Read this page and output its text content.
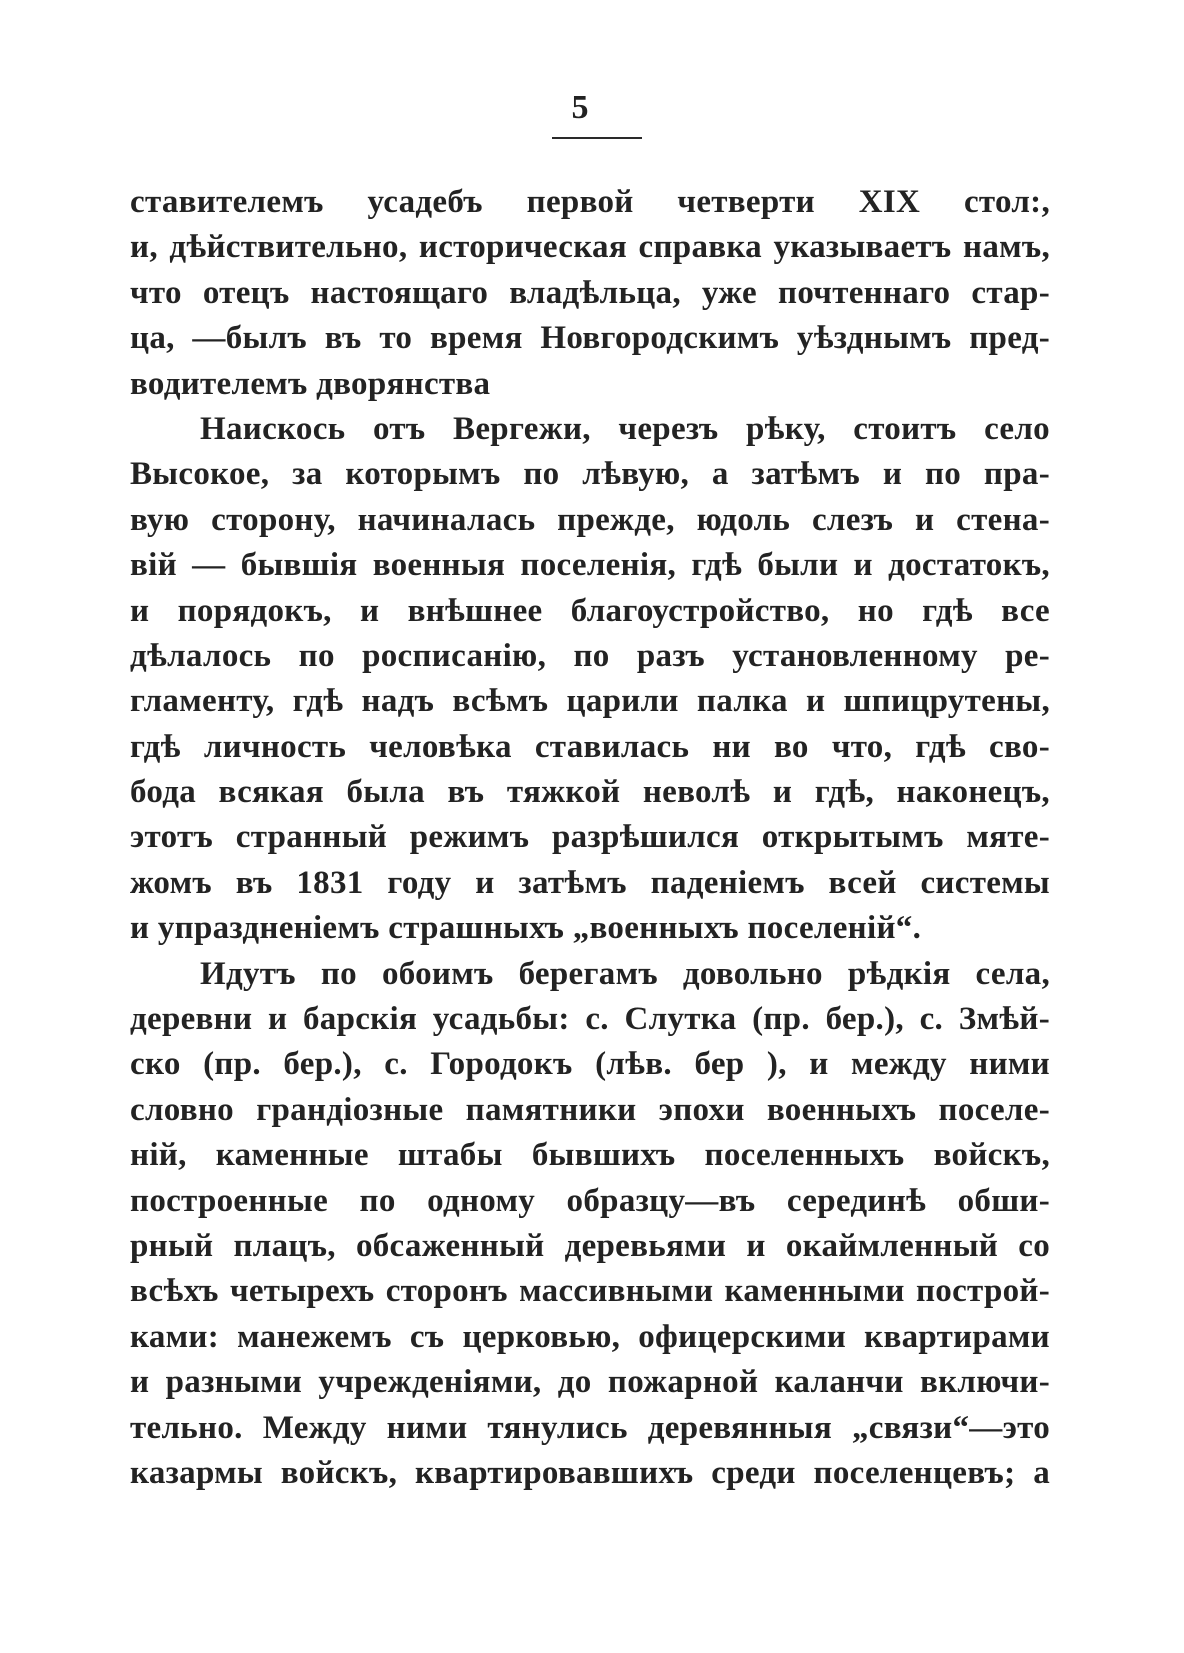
5
ставителемъ усадебъ первой четверти XIX стол:,
и, дѣйствительно, историческая справка указываетъ намъ,
что отецъ настоящаго владѣльца, уже почтеннаго стар-
ца, —былъ въ то время Новгородскимъ уѣзднымъ пред-
водителемъ дворянства
Наискось отъ Вергежи, черезъ рѣку, стоитъ село
Высокое, за которымъ по лѣвую, а затѣмъ и по пра-
вую сторону, начиналась прежде, юдоль слезъ и стена-
вій — бывшія военныя поселенія, гдѣ были и достатокъ,
и порядокъ, и внѣшнее благоустройство, но гдѣ все
дѣлалось по росписанію, по разъ установленному ре-
гламенту, гдѣ надъ всѣмъ царили палка и шпицрутены,
гдѣ личность человѣка ставилась ни во что, гдѣ сво-
бода всякая была въ тяжкой неволѣ и гдѣ, наконецъ,
этотъ странный режимъ разрѣшился открытымъ мяте-
жомъ въ 1831 году и затѣмъ паденіемъ всей системы
и упраздненіемъ страшныхъ „военныхъ поселеній“.
Идутъ по обоимъ берегамъ довольно рѣдкія села,
деревни и барскія усадьбы: с. Слутка (пр. бер.), с. Змѣй-
ско (пр. бер.), с. Городокъ (лѣв. бер ), и между ними
словно грандіозные памятники эпохи военныхъ поселе-
ній, каменные штабы бывшихъ поселенныхъ войскъ,
построенные по одному образцу—въ серединѣ обши-
рный плацъ, обсаженный деревьями и окаймленный со
всѣхъ четырехъ сторонъ массивными каменными построй-
ками: манежемъ съ церковью, офицерскими квартирами
и разными учрежденіями, до пожарной каланчи включи-
тельно. Между ними тянулись деревянныя „связи“—это
казармы войскъ, квартировавшихъ среди поселенцевъ; а
